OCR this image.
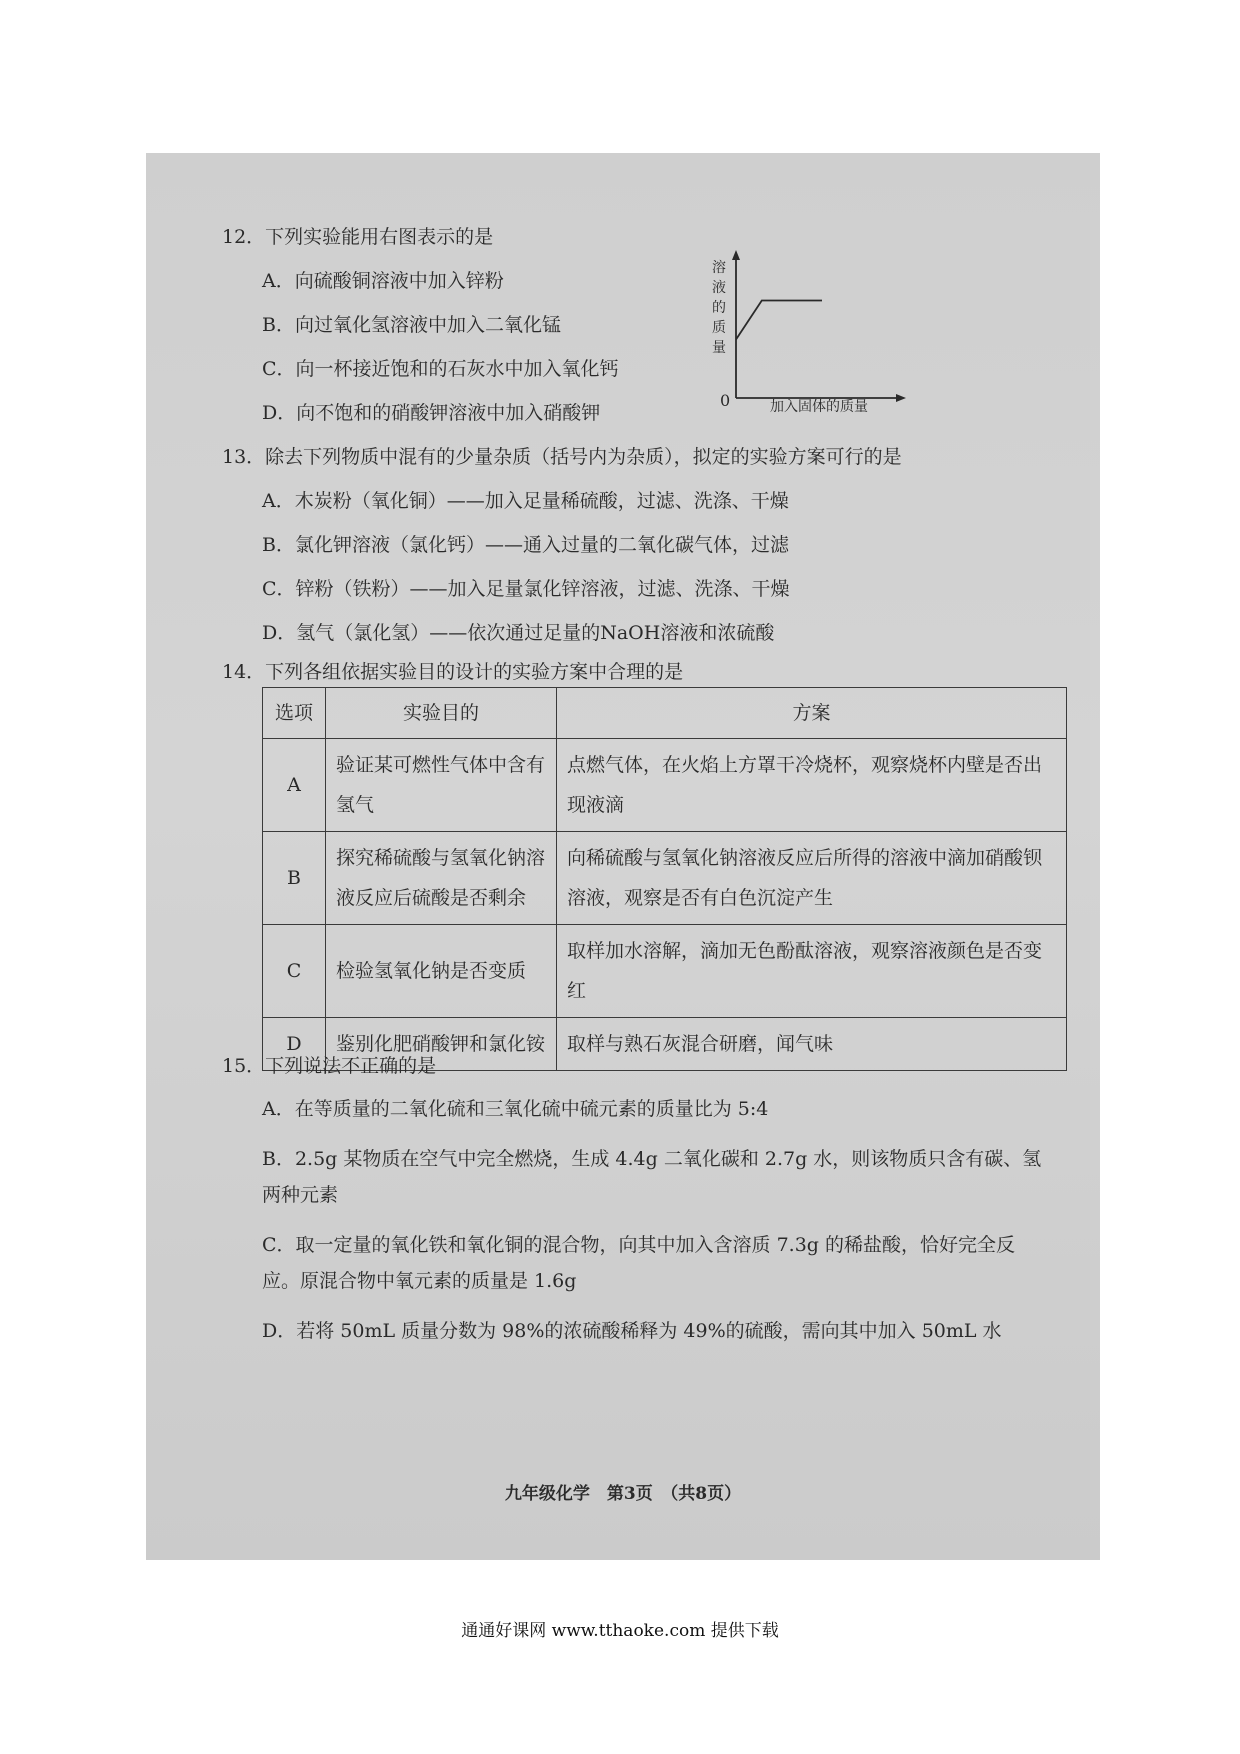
九年级化学　第3页　（共8页）
12．下列实验能用右图表示的是
A．向硫酸铜溶液中加入锌粉
B．向过氧化氢溶液中加入二氧化锰
C．向一杯接近饱和的石灰水中加入氧化钙
D．向不饱和的硝酸钾溶液中加入硝酸钾
溶液的质量
0	加入固体的质量
13．除去下列物质中混有的少量杂质（括号内为杂质），拟定的实验方案可行的是
A．木炭粉（氧化铜）——加入足量稀硫酸，过滤、洗涤、干燥
B．氯化钾溶液（氯化钙）——通入过量的二氧化碳气体，过滤
C．锌粉（铁粉）——加入足量氯化锌溶液，过滤、洗涤、干燥
D．氢气（氯化氢）——依次通过足量的NaOH溶液和浓硫酸
14．下列各组依据实验目的设计的实验方案中合理的是
选项	实验目的	方案
A	验证某可燃性气体中含有氢气	点燃气体，在火焰上方罩干冷烧杯，观察烧杯内壁是否出现液滴
B	探究稀硫酸与氢氧化钠溶液反应后硫酸是否剩余	向稀硫酸与氢氧化钠溶液反应后所得的溶液中滴加硝酸钡溶液，观察是否有白色沉淀产生
C	检验氢氧化钠是否变质	取样加水溶解，滴加无色酚酞溶液，观察溶液颜色是否变红
D	鉴别化肥硝酸钾和氯化铵	取样与熟石灰混合研磨，闻气味
15．下列说法不正确的是
A．在等质量的二氧化硫和三氧化硫中硫元素的质量比为 5:4
B．2.5g 某物质在空气中完全燃烧，生成 4.4g 二氧化碳和 2.7g 水，则该物质只含有碳、氢
两种元素
C．取一定量的氧化铁和氧化铜的混合物，向其中加入含溶质 7.3g 的稀盐酸，恰好完全反
应。原混合物中氧元素的质量是 1.6g
D．若将 50mL 质量分数为 98%的浓硫酸稀释为 49%的硫酸，需向其中加入 50mL 水
通通好课网 www.tthaoke.com 提供下载
